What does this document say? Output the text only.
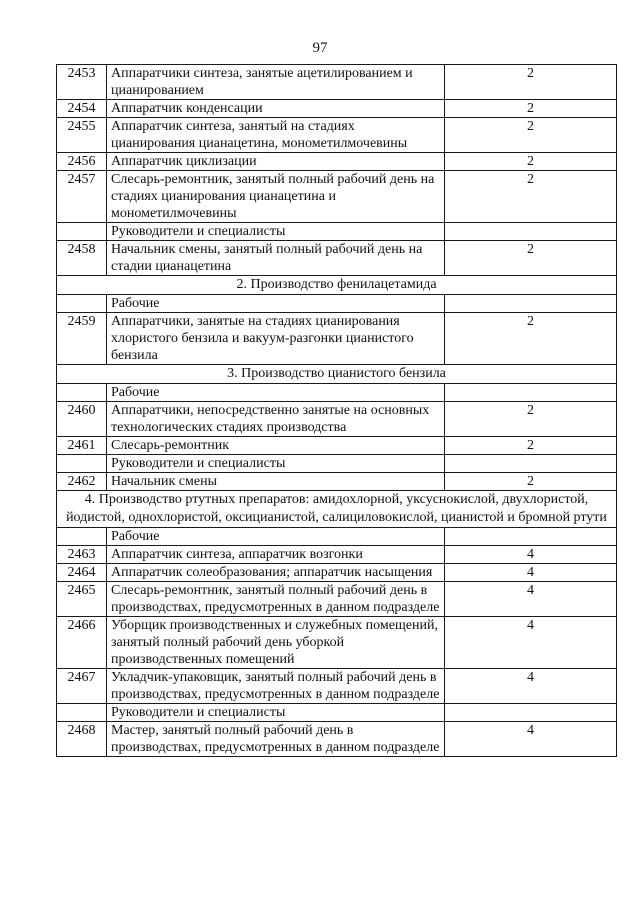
97
2453	Аппаратчики синтеза, занятые ацетилированием и цианированием	2
2454	Аппаратчик конденсации	2
2455	Аппаратчик синтеза, занятый на стадиях цианирования цианацетина, монометилмочевины	2
2456	Аппаратчик циклизации	2
2457	Слесарь-ремонтник, занятый полный рабочий день на стадиях цианирования цианацетина и монометилмочевины	2
	Руководители и специалисты	
2458	Начальник смены, занятый полный рабочий день на стадии цианацетина	2
2. Производство фенилацетамида		
	Рабочие	
2459	Аппаратчики, занятые на стадиях цианирования хлористого бензила и вакуум-разгонки цианистого бензила	2
3. Производство цианистого бензила		
	Рабочие	
2460	Аппаратчики, непосредственно занятые на основных технологических стадиях производства	2
2461	Слесарь-ремонтник	2
	Руководители и специалисты	
2462	Начальник смены	2
4. Производство ртутных препаратов: амидохлорной, уксуснокислой, двухлористой, йодистой, однохлористой, оксицианистой, салициловокислой, цианистой и бромной ртути		
	Рабочие	
2463	Аппаратчик синтеза, аппаратчик возгонки	4
2464	Аппаратчик солеобразования; аппаратчик насыщения	4
2465	Слесарь-ремонтник, занятый полный рабочий день в производствах, предусмотренных в данном подразделе	4
2466	Уборщик производственных и служебных помещений, занятый полный рабочий день уборкой производственных помещений	4
2467	Укладчик-упаковщик, занятый полный рабочий день в производствах, предусмотренных в данном подразделе	4
	Руководители и специалисты	
2468	Мастер, занятый полный рабочий день в производствах, предусмотренных в данном подразделе	4
